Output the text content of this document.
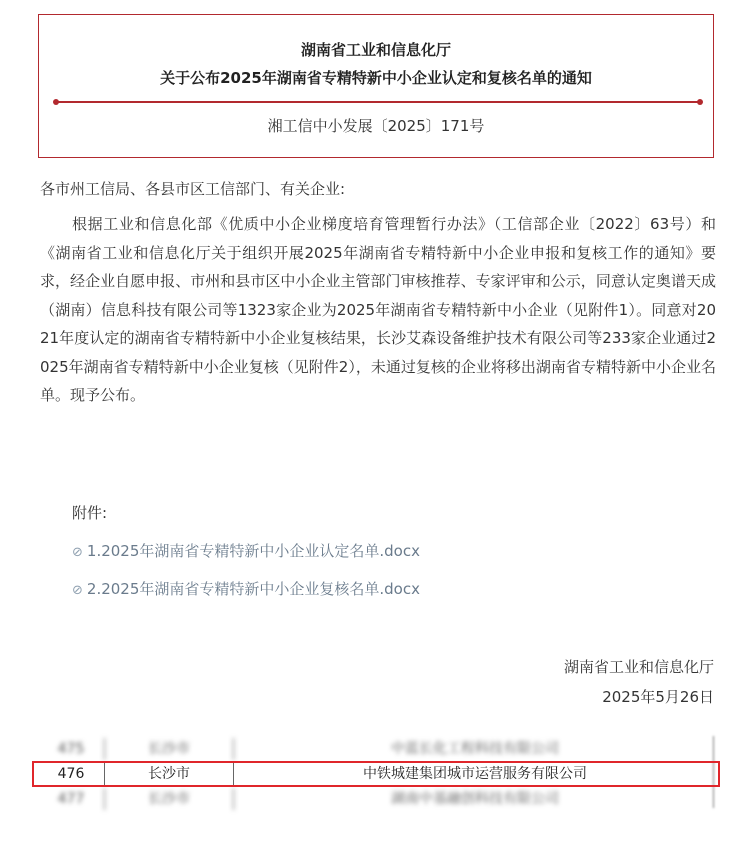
湖南省工业和信息化厅
关于公布2025年湖南省专精特新中小企业认定和复核名单的通知
湘工信中小发展〔2025〕171号
各市州工信局、各县市区工信部门、有关企业:
根据工业和信息化部《优质中小企业梯度培育管理暂行办法》（工信部企业〔2022〕63号）和《湖南省工业和信息化厅关于组织开展2025年湖南省专精特新中小企业申报和复核工作的通知》要求，经企业自愿申报、市州和县市区中小企业主管部门审核推荐、专家评审和公示，同意认定奥谱天成（湖南）信息科技有限公司等1323家企业为2025年湖南省专精特新中小企业（见附件1）。同意对2021年度认定的湖南省专精特新中小企业复核结果，长沙艾森设备维护技术有限公司等233家企业通过2025年湖南省专精特新中小企业复核（见附件2），未通过复核的企业将移出湖南省专精特新中小企业名单。现予公布。
附件:
⊘ 1.2025年湖南省专精特新中小企业认定名单.docx
⊘ 2.2025年湖南省专精特新中小企业复核名单.docx
湖南省工业和信息化厅
2025年5月26日
475	长沙市	中蓝长化工程科技有限公司
476	长沙市	中铁城建集团城市运营服务有限公司
477	长沙市	湖南中基融创科技有限公司
